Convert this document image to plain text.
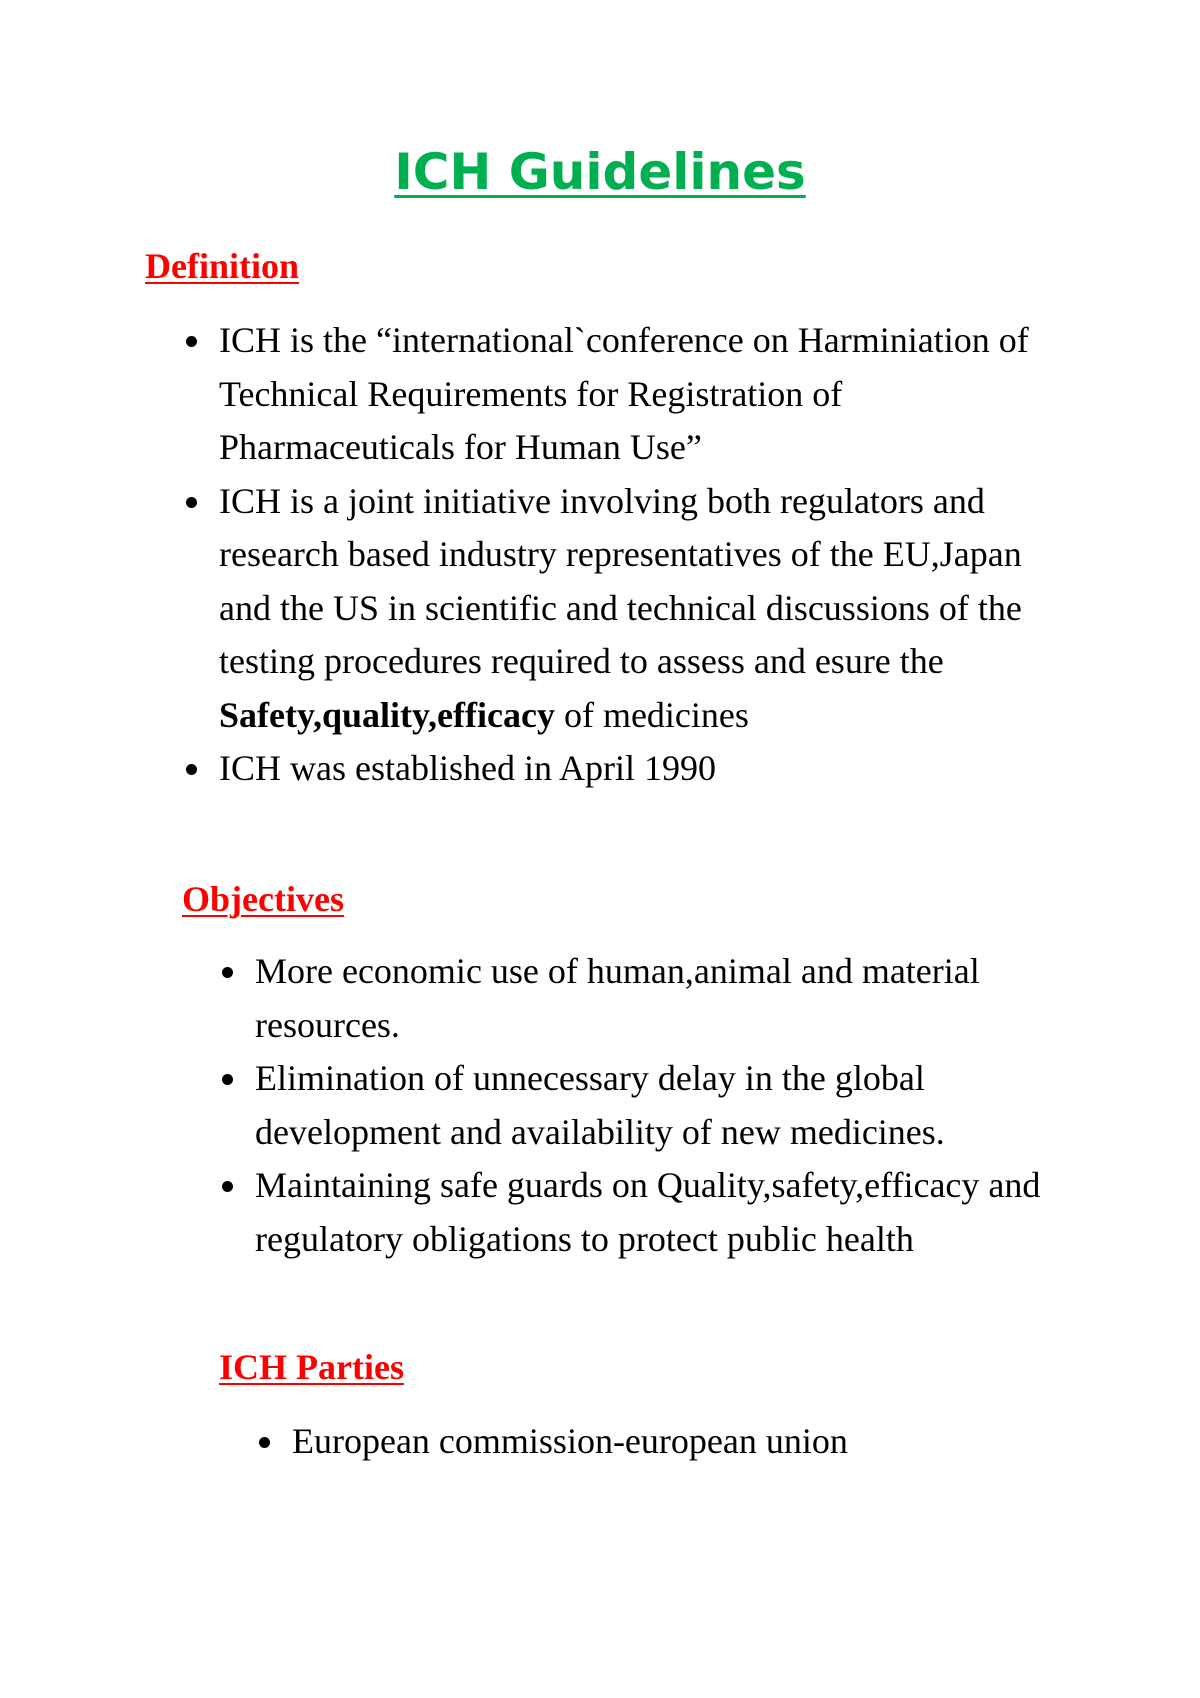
ICH Guidelines
Definition
ICH is the “international`conference on Harminiation of Technical Requirements for Registration of Pharmaceuticals for Human Use”
ICH is a joint initiative involving both regulators and research based industry representatives of the EU,Japan and the US in scientific and technical discussions of the testing procedures required to assess and esure the Safety,quality,efficacy of medicines
ICH was established in April 1990
Objectives
More economic use of human,animal and material resources.
Elimination of unnecessary delay in the global development and availability of new medicines.
Maintaining safe guards on Quality,safety,efficacy and regulatory obligations to protect public health
ICH Parties
European commission-european union
